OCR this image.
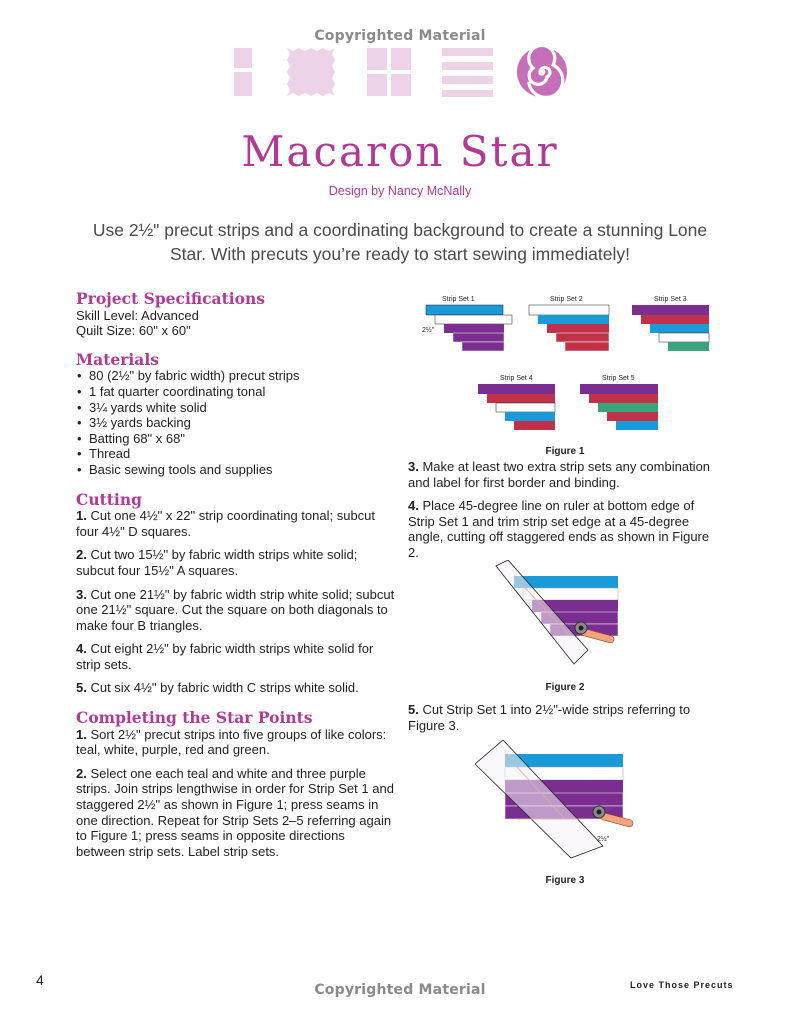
Copyrighted Material
Macaron Star
Design by Nancy McNally
Use 2½" precut strips and a coordinating background to create a stunning Lone Star. With precuts you’re ready to start sewing immediately!
Project Specifications
Skill Level: Advanced
Quilt Size: 60" x 60"
Materials
• 80 (2½" by fabric width) precut strips
• 1 fat quarter coordinating tonal
• 3¼ yards white solid
• 3½ yards backing
• Batting 68" x 68"
• Thread
• Basic sewing tools and supplies
Cutting

1. Cut one 4½" x 22" strip coordinating tonal; subcut four 4½" D squares.

2. Cut two 15½" by fabric width strips white solid; subcut four 15½" A squares.

3. Cut one 21½" by fabric width strip white solid; subcut one 21½" square. Cut the square on both diagonals to make four B triangles.

4. Cut eight 2½" by fabric width strips white solid for strip sets.

5. Cut six 4½" by fabric width C strips white solid.

Completing the Star Points

1. Sort 2½" precut strips into five groups of like colors: teal, white, purple, red and green.

2. Select one each teal and white and three purple strips. Join strips lengthwise in order for Strip Set 1 and staggered 2½" as shown in Figure 1; press seams in one direction. Repeat for Strip Sets 2–5 referring again to Figure 1; press seams in opposite directions between strip sets. Label strip sets.

Strip Set 1
2½"
Strip Set 2	Strip Set 3
Strip Set 4	Strip Set 5
Figure 1

3. Make at least two extra strip sets any combination and label for first border and binding.

4. Place 45-degree line on ruler at bottom edge of Strip Set 1 and trim strip set edge at a 45-degree angle, cutting off staggered ends as shown in Figure 2.

Figure 2

5. Cut Strip Set 1 into 2½"-wide strips referring to Figure 3.

2½"
Figure 3
4
Copyrighted Material	Love Those Precuts
